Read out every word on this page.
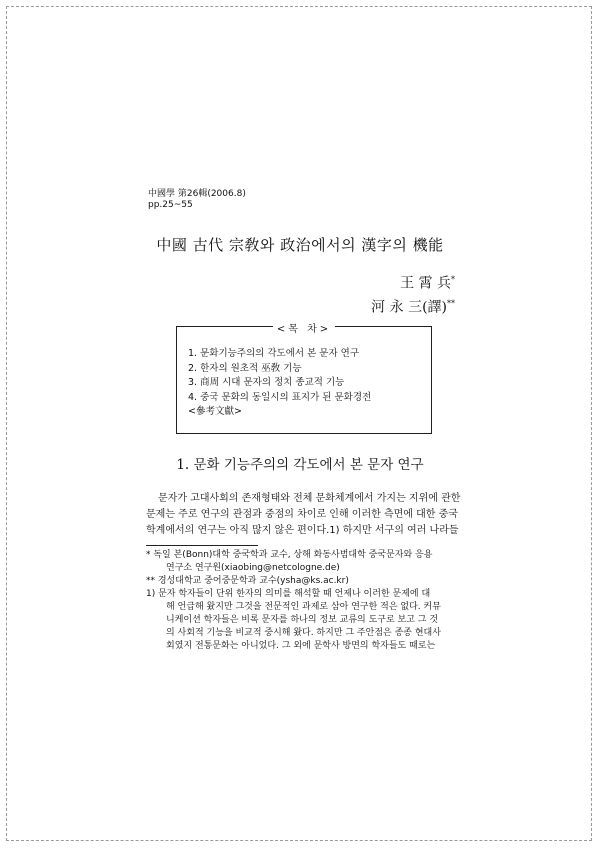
中國學 第26輯(2006.8)
pp.25~55
中國 古代 宗敎와 政治에서의 漢字의 機能
王 霄 兵*
河 永 三(譯)**
<목 차>
1. 문화기능주의의 각도에서 본 문자 연구
2. 한자의 원초적 巫敎 기능
3. 商周 시대 문자의 정치 종교적 기능
4. 중국 문화의 동일시의 표지가 된 문화경전
<參考文獻>
1. 문화 기능주의의 각도에서 본 문자 연구

문자가 고대사회의 존재형태와 전체 문화체계에서 가지는 지위에 관한

문제는 주로 연구의 관점과 중점의 차이로 인해 이러한 측면에 대한 중국

학계에서의 연구는 아직 많지 않은 편이다.1) 하지만 서구의 여러 나라들

* 독일 본(Bonn)대학 중국학과 교수, 상해 화동사범대학 중국문자와 응용

연구소 연구원(xiaobing@netcologne.de)

** 경성대학교 중어중문학과 교수(ysha@ks.ac.kr)

1) 문자 학자들이 단위 한자의 의미를 해석할 때 언제나 이러한 문제에 대

해 언급해 왔지만 그것을 전문적인 과제로 삼아 연구한 적은 없다. 커뮤

니케이션 학자들은 비록 문자를 하나의 정보 교류의 도구로 보고 그 것

의 사회적 기능을 비교적 중시해 왔다. 하지만 그 주안점은 종종 현대사

회였지 전통문화는 아니었다. 그 외에 문학사 방면의 학자들도 때로는
